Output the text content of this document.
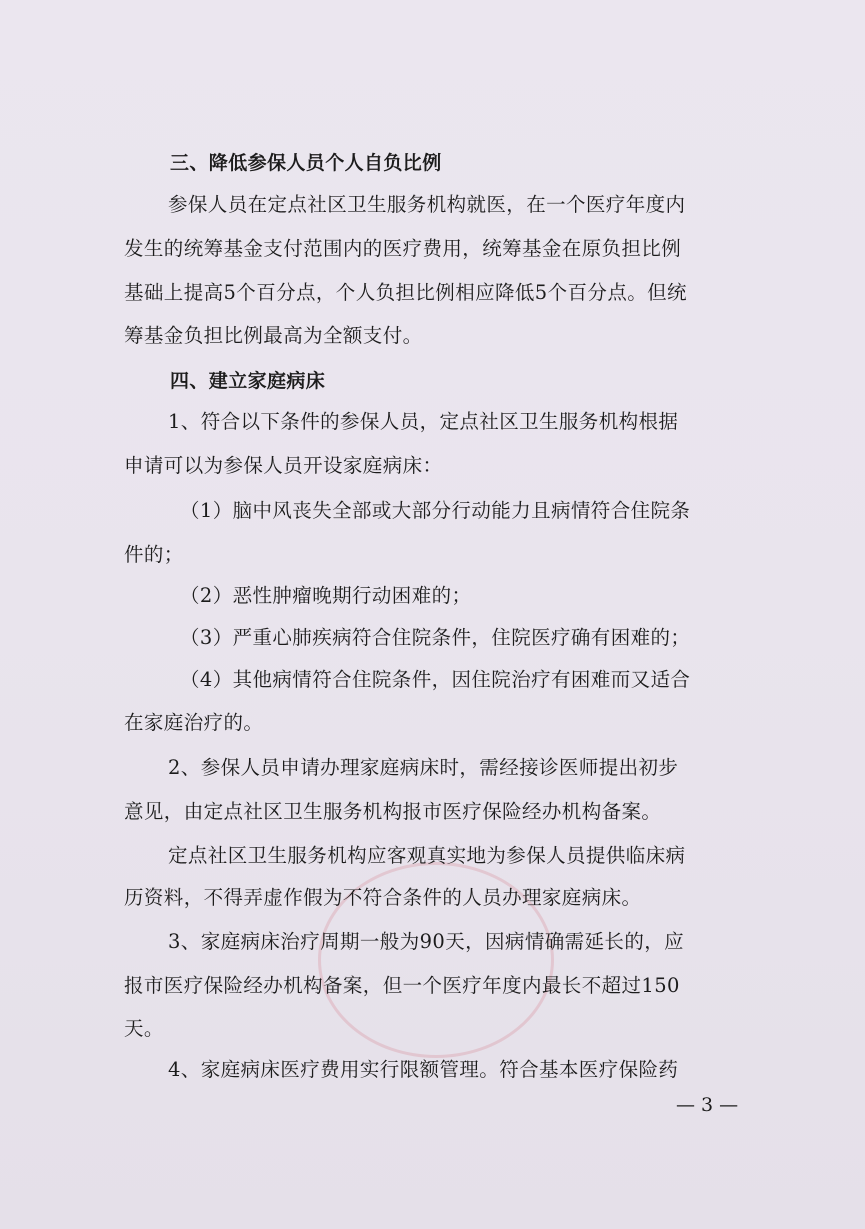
三、降低参保人员个人自负比例
参保人员在定点社区卫生服务机构就医，在一个医疗年度内
发生的统筹基金支付范围内的医疗费用，统筹基金在原负担比例
基础上提高5个百分点，个人负担比例相应降低5个百分点。但统
筹基金负担比例最高为全额支付。
四、建立家庭病床
1、符合以下条件的参保人员，定点社区卫生服务机构根据
申请可以为参保人员开设家庭病床：
（1）脑中风丧失全部或大部分行动能力且病情符合住院条
件的；
（2）恶性肿瘤晚期行动困难的；
（3）严重心肺疾病符合住院条件，住院医疗确有困难的；
（4）其他病情符合住院条件，因住院治疗有困难而又适合
在家庭治疗的。
2、参保人员申请办理家庭病床时，需经接诊医师提出初步
意见，由定点社区卫生服务机构报市医疗保险经办机构备案。
定点社区卫生服务机构应客观真实地为参保人员提供临床病
历资料，不得弄虚作假为不符合条件的人员办理家庭病床。
3、家庭病床治疗周期一般为90天，因病情确需延长的，应
报市医疗保险经办机构备案，但一个医疗年度内最长不超过150
天。
4、家庭病床医疗费用实行限额管理。符合基本医疗保险药
— 3 —
